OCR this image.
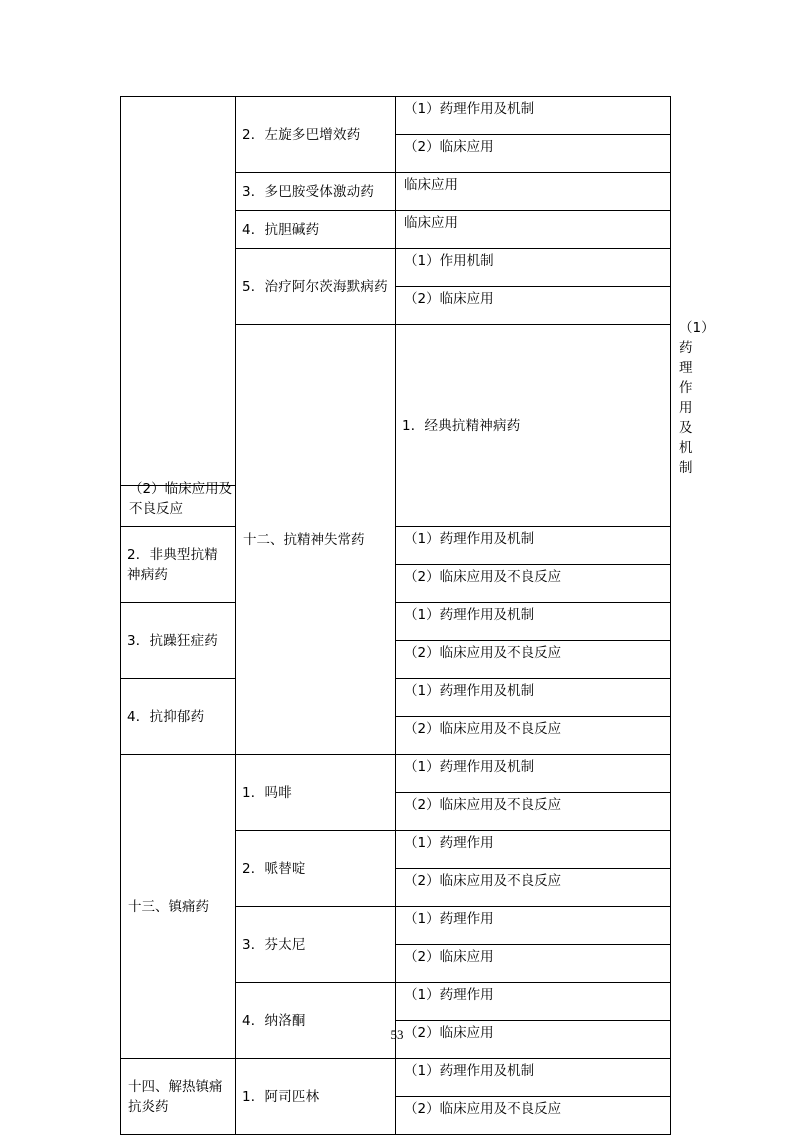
	2．左旋多巴增效药	（1）药理作用及机制	

		（2）临床应用	

	3．多巴胺受体激动药	临床应用	

	4．抗胆碱药	临床应用	

	5．治疗阿尔茨海默病药	（1）作用机制	

		（2）临床应用	

	十二、抗精神失常药	1．经典抗精神病药	（1）药理作用及机制

（2）临床应用及不良反应			

2．非典型抗精神病药		（1）药理作用及机制	

		（2）临床应用及不良反应	

3．抗躁狂症药		（1）药理作用及机制	

		（2）临床应用及不良反应	

4．抗抑郁药		（1）药理作用及机制	

		（2）临床应用及不良反应	

十三、镇痛药	1．吗啡	（1）药理作用及机制	

		（2）临床应用及不良反应	

	2．哌替啶	（1）药理作用	

		（2）临床应用及不良反应	

	3．芬太尼	（1）药理作用	

		（2）临床应用	

	4．纳洛酮	（1）药理作用	

		（2）临床应用	

十四、解热镇痛抗炎药	1．阿司匹林	（1）药理作用及机制	

		（2）临床应用及不良反应	
53
